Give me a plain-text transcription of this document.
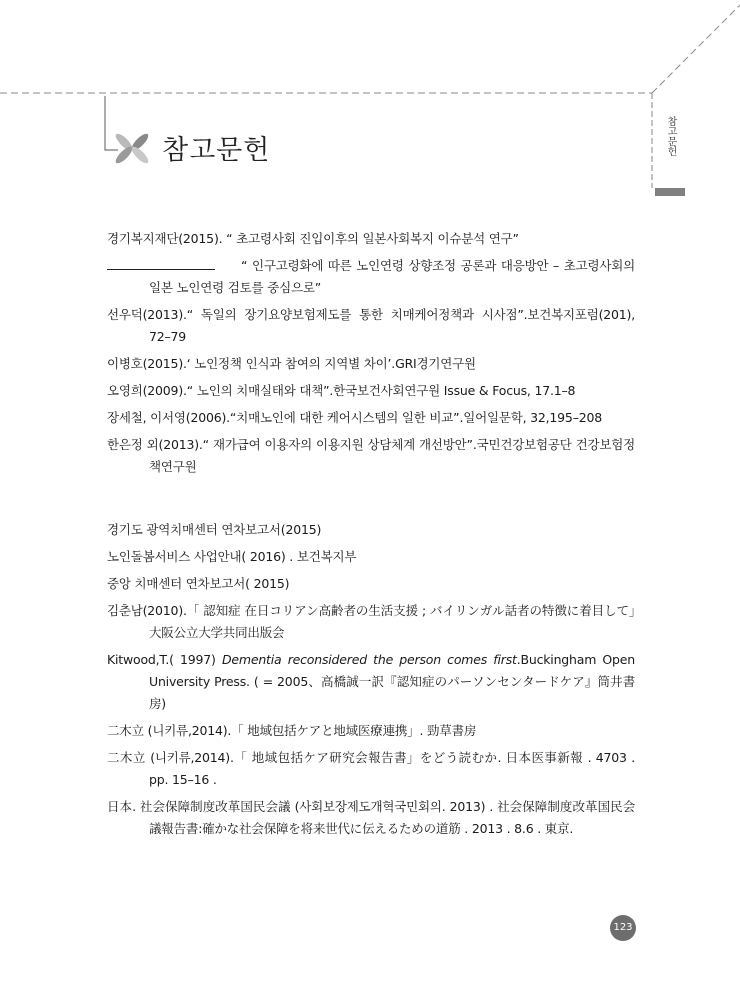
참고문헌	참고문헌
경기복지재단(2015). “ 초고령사회 진입이후의 일본사회복지 이슈분석 연구”
“ 인구고령화에 따른 노인연령 상향조정 공론과 대응방안 – 초고령사회의 일본 노인연령 검토를 중심으로”
선우덕(2013).“ 독일의 장기요양보험제도를 통한 치매케어정책과 시사점”.보건복지포럼(201), 72–79
이병호(2015).‘ 노인정책 인식과 참여의 지역별 차이’.GRI경기연구원
오영희(2009).“ 노인의 치매실태와 대책”.한국보건사회연구원 Issue & Focus, 17.1–8
장세철, 이서영(2006).“치매노인에 대한 케어시스템의 일한 비교”.일어일문학, 32,195–208
한은정 외(2013).“ 재가급여 이용자의 이용지원 상담체계 개선방안”.국민건강보험공단 건강보험정책연구원
경기도 광역치매센터 연차보고서(2015)
노인돌봄서비스 사업안내( 2016) . 보건복지부
중앙 치매센터 연차보고서( 2015)
김춘남(2010).「 認知症 在日コリアン高齢者の生活支援 ; バイリンガル話者の特徴に着目して」大阪公立大学共同出版会
Kitwood,T.( 1997) Dementia reconsidered the person comes first.Buckingham Open University Press. ( = 2005、高橋誠一訳『認知症のパーソンセンタードケア』筒井書房)
二木立 (니키류,2014).「 地域包括ケアと地域医療連携」. 勁草書房
二木立 (니키류,2014).「 地域包括ケア研究会報告書」をどう読むか. 日本医事新報 . 4703 . pp. 15–16 .
日本. 社会保障制度改革国民会議 (사회보장제도개혁국민회의. 2013) . 社会保障制度改革国民会議報告書:確かな社会保障を将来世代に伝えるための道筋 . 2013 . 8.6 . 東京.
123
